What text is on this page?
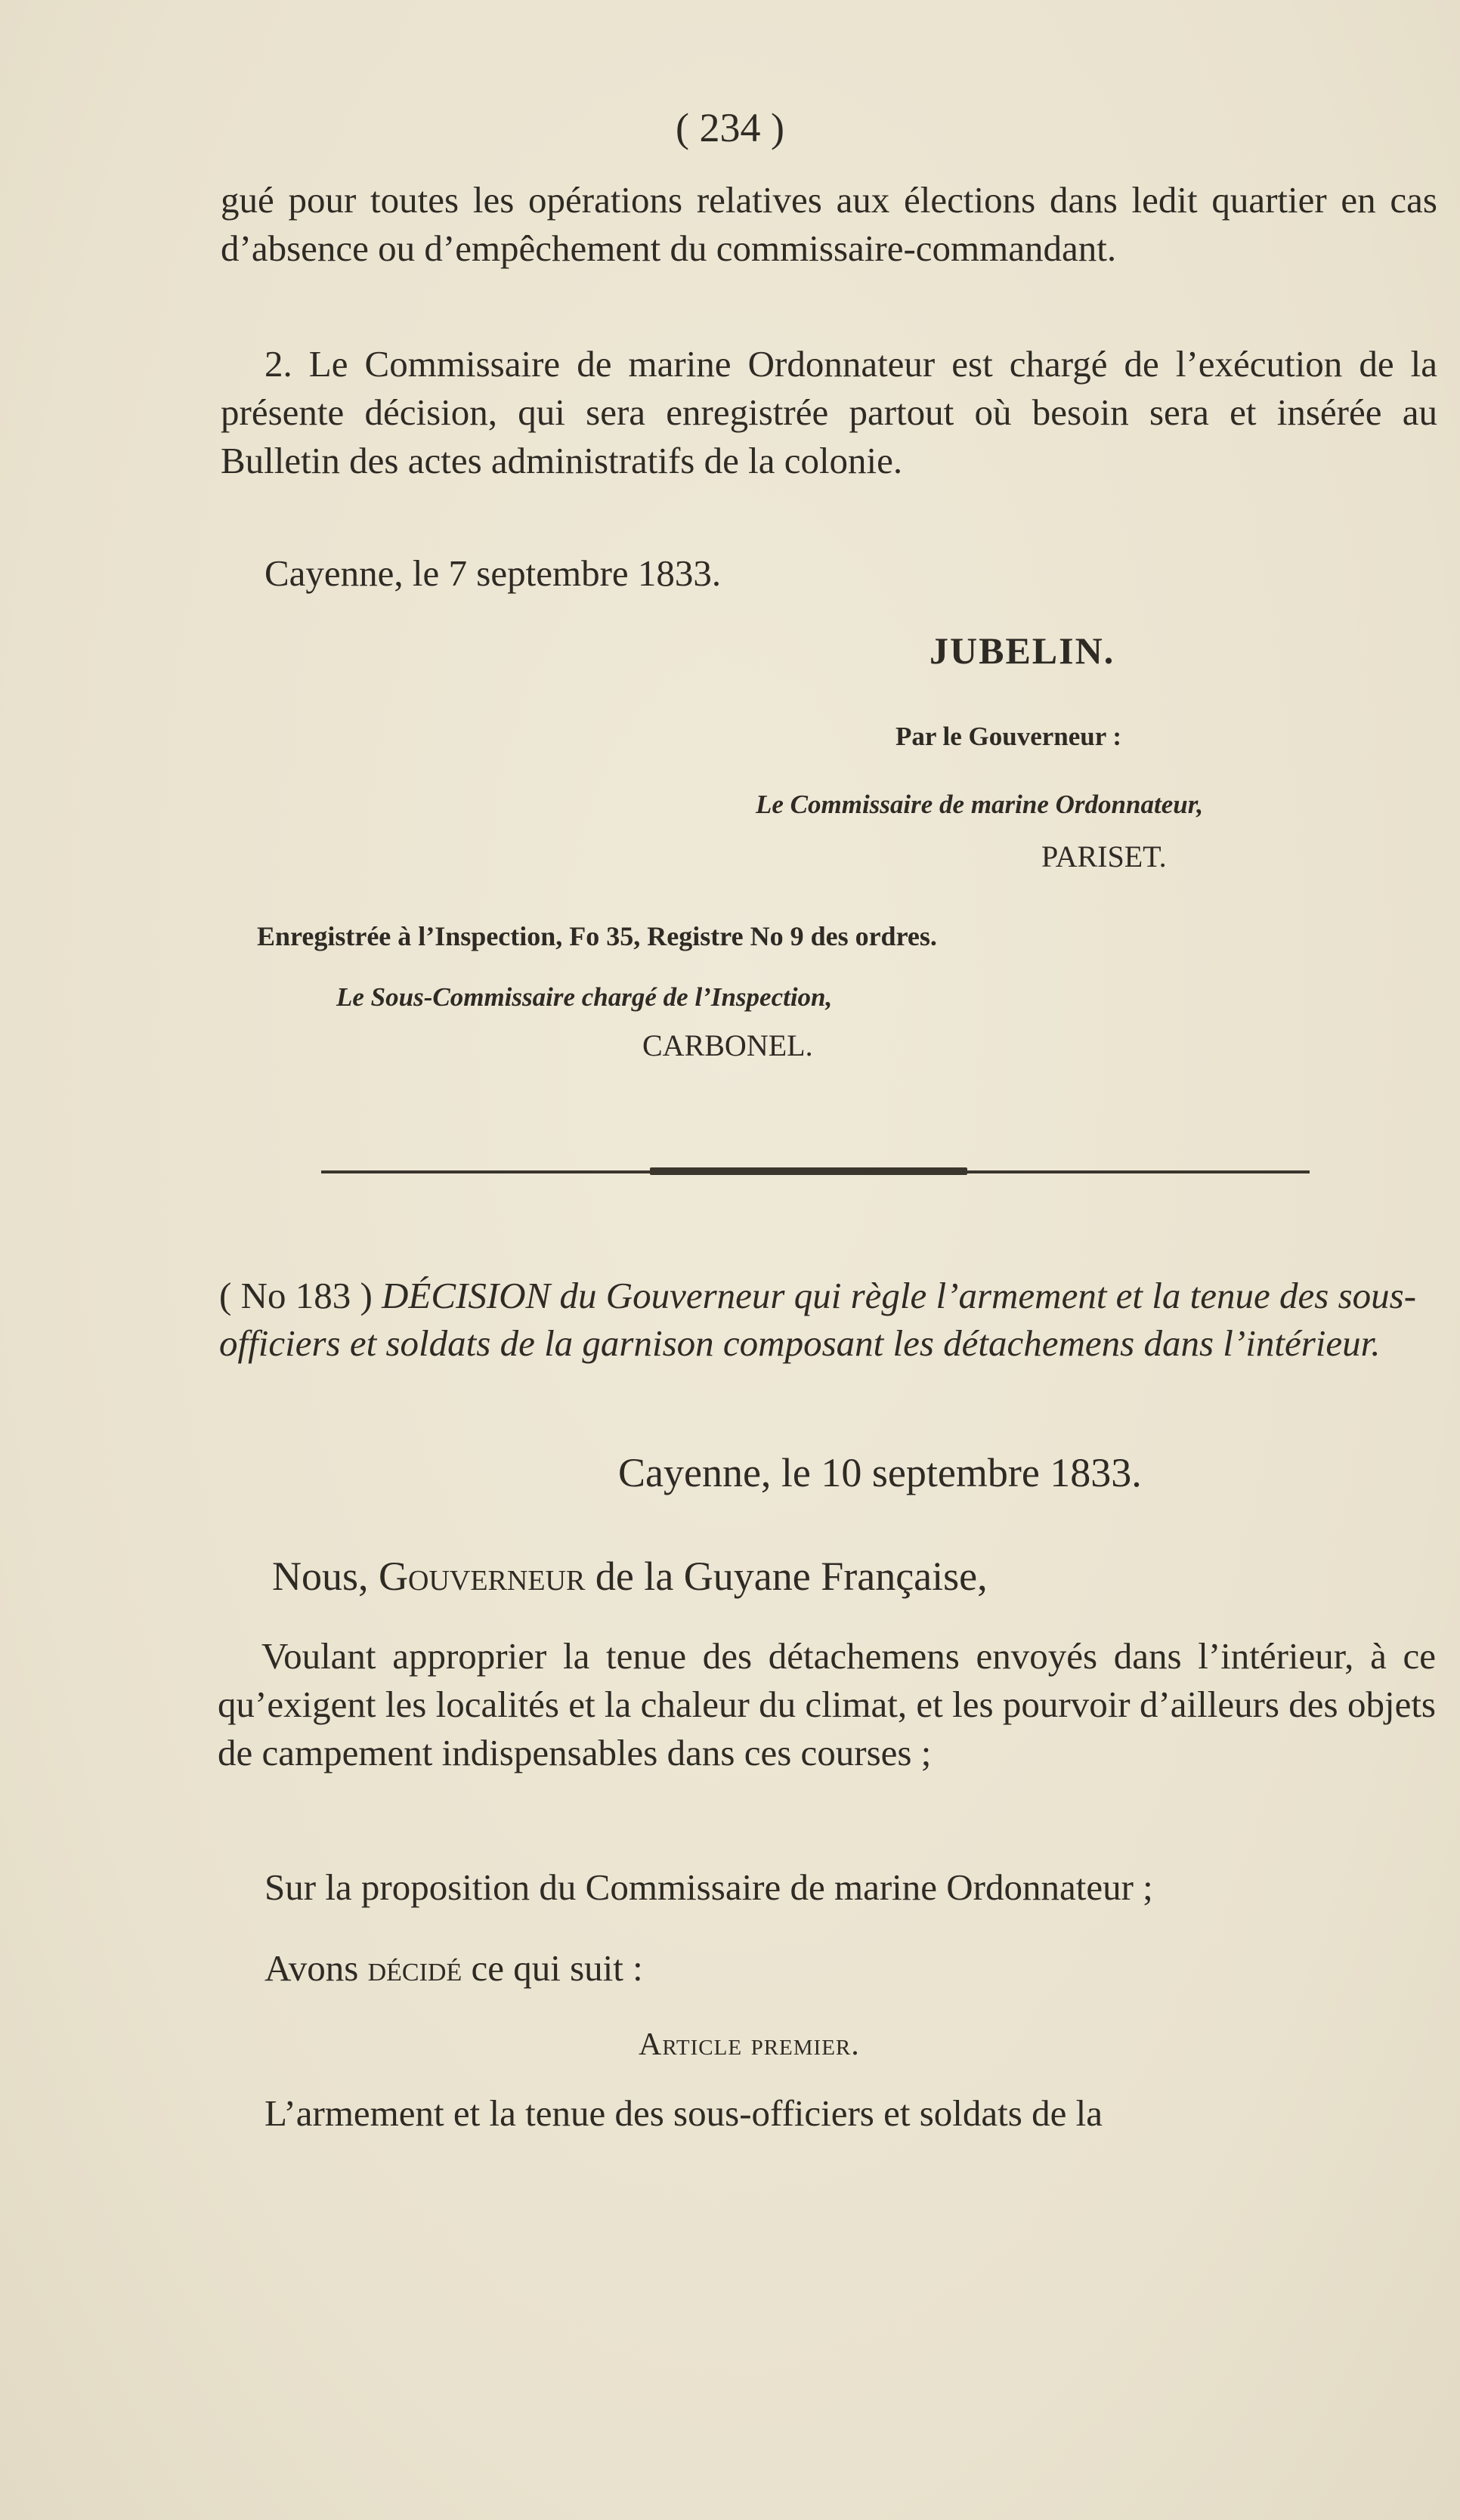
( 234 )

gué pour toutes les opérations relatives aux élections dans ledit quartier en cas d’absence ou d’empêchement du commissaire-commandant.

2. Le Commissaire de marine Ordonnateur est chargé de l’exécution de la présente décision, qui sera enregistrée partout où besoin sera et insérée au Bulletin des actes administratifs de la colonie.

Cayenne, le 7 septembre 1833.

JUBELIN.
Par le Gouverneur :
Le Commissaire de marine Ordonnateur,
PARISET.
Enregistrée à l’Inspection, Fo 35, Registre No 9 des ordres.
Le Sous-Commissaire chargé de l’Inspection,
CARBONEL.
( No 183 ) DÉCISION du Gouverneur qui règle l’armement et la tenue des sous-officiers et soldats de la garnison composant les détachemens dans l’intérieur.

Cayenne, le 10 septembre 1833.

Nous, Gouverneur de la Guyane Française,

Voulant approprier la tenue des détachemens envoyés dans l’intérieur, à ce qu’exigent les localités et la chaleur du climat, et les pourvoir d’ailleurs des objets de campement indispensables dans ces courses ;

Sur la proposition du Commissaire de marine Ordonnateur ;

Avons décidé ce qui suit :

Article premier.

L’armement et la tenue des sous-officiers et soldats de la
